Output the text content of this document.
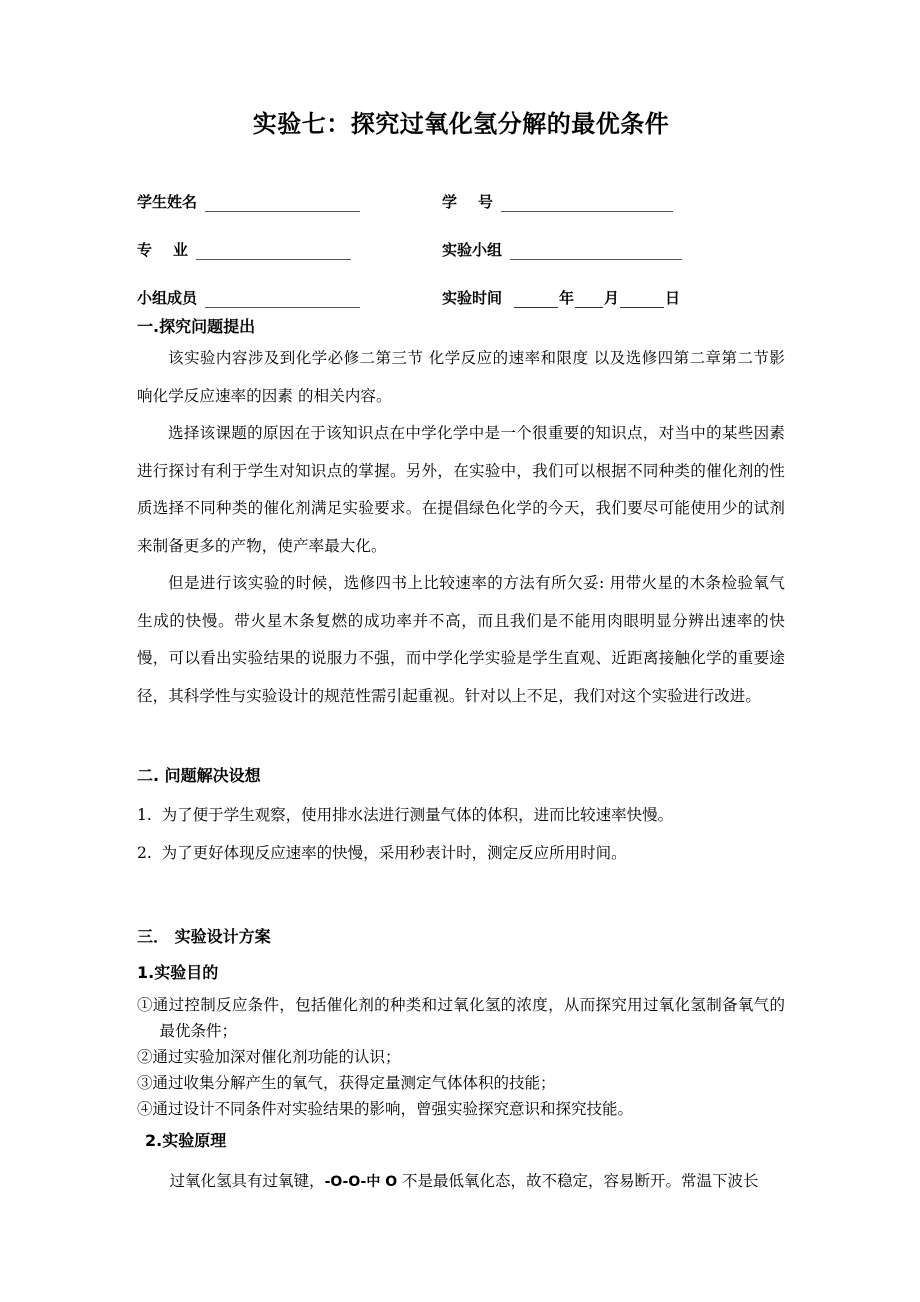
实验七：探究过氧化氢分解的最优条件
学生姓名	学    号
专    业	实验小组
小组成员	实验时间	年 月	日
一.探究问题提出

该实验内容涉及到化学必修二第三节 化学反应的速率和限度 以及选修四第二章第二节影响化学反应速率的因素 的相关内容。

选择该课题的原因在于该知识点在中学化学中是一个很重要的知识点，对当中的某些因素进行探讨有利于学生对知识点的掌握。另外，在实验中，我们可以根据不同种类的催化剂的性质选择不同种类的催化剂满足实验要求。在提倡绿色化学的今天，我们要尽可能使用少的试剂来制备更多的产物，使产率最大化。

但是进行该实验的时候，选修四书上比较速率的方法有所欠妥: 用带火星的木条检验氧气生成的快慢。带火星木条复燃的成功率并不高，而且我们是不能用肉眼明显分辨出速率的快慢，可以看出实验结果的说服力不强，而中学化学实验是学生直观、近距离接触化学的重要途径，其科学性与实验设计的规范性需引起重视。针对以上不足，我们对这个实验进行改进。

二. 问题解决设想

1.  为了便于学生观察，使用排水法进行测量气体的体积，进而比较速率快慢。

2.  为了更好体现反应速率的快慢，采用秒表计时，测定反应所用时间。

三． 实验设计方案
1.实验目的

①通过控制反应条件，包括催化剂的种类和过氧化氢的浓度，从而探究用过氧化氢制备氧气的最优条件；

②通过实验加深对催化剂功能的认识；

③通过收集分解产生的氧气，获得定量测定气体体积的技能；

④通过设计不同条件对实验结果的影响，曾强实验探究意识和探究技能。

2.实验原理

过氧化氢具有过氧键，-O-O-中 O 不是最低氧化态，故不稳定，容易断开。常温下波长
